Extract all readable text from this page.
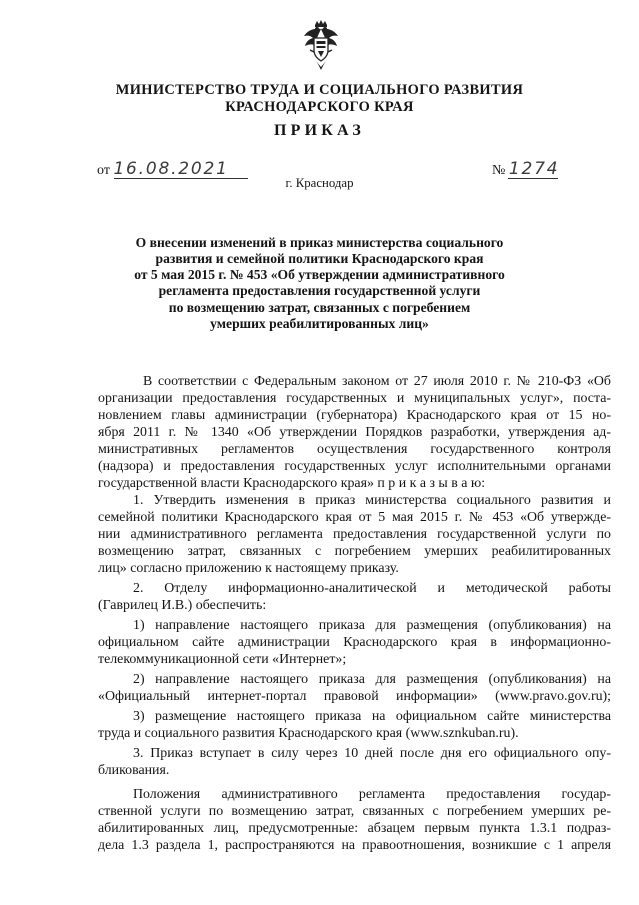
МИНИСТЕРСТВО ТРУДА И СОЦИАЛЬНОГО РАЗВИТИЯ
КРАСНОДАРСКОГО КРАЯ
ПРИКАЗ
от 16.08.2021	№ 1274
г. Краснодар
О внесении изменений в приказ министерства социального
развития и семейной политики Краснодарского края
от 5 мая 2015 г. № 453 «Об утверждении административного
регламента предоставления государственной услуги
по возмещению затрат, связанных с погребением
умерших реабилитированных лиц»
В соответствии с Федеральным законом от 27 июля 2010 г. № 210-ФЗ «Об
организации предоставления государственных и муниципальных услуг», поста-
новлением главы администрации (губернатора) Краснодарского края от 15 но-
ября 2011 г. № 1340 «Об утверждении Порядков разработки, утверждения ад-
министративных регламентов осуществления государственного контроля
(надзора) и предоставления государственных услуг исполнительными органами
государственной власти Краснодарского края» п р и к а з ы в а ю:
1. Утвердить изменения в приказ министерства социального развития и
семейной политики Краснодарского края от 5 мая 2015 г. № 453 «Об утвержде-
нии административного регламента предоставления государственной услуги по
возмещению затрат, связанных с погребением умерших реабилитированных
лиц» согласно приложению к настоящему приказу.
2. Отделу информационно-аналитической и методической работы
(Гаврилец И.В.) обеспечить:
1) направление настоящего приказа для размещения (опубликования) на
официальном сайте администрации Краснодарского края в информационно-
телекоммуникационной сети «Интернет»;
2) направление настоящего приказа для размещения (опубликования) на
«Официальный интернет-портал правовой информации» (www.pravo.gov.ru);
3) размещение настоящего приказа на официальном сайте министерства
труда и социального развития Краснодарского края (www.sznkuban.ru).
3. Приказ вступает в силу через 10 дней после дня его официального опу-
бликования.
Положения административного регламента предоставления государ-
ственной услуги по возмещению затрат, связанных с погребением умерших ре-
абилитированных лиц, предусмотренные: абзацем первым пункта 1.3.1 подраз-
дела 1.3 раздела 1, распространяются на правоотношения, возникшие с 1 апреля
